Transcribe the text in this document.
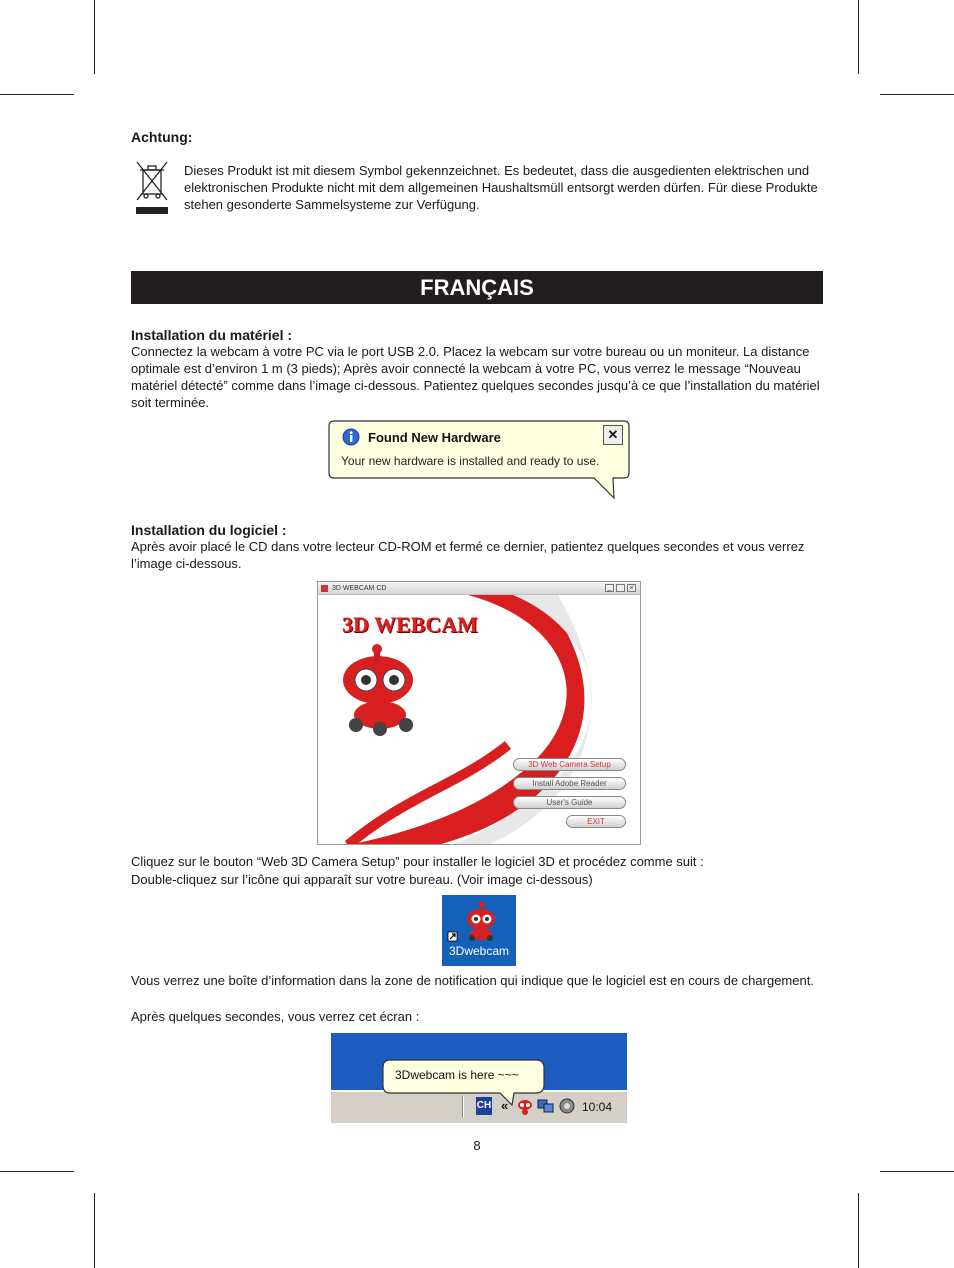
Achtung:
Dieses Produkt ist mit diesem Symbol gekennzeichnet. Es bedeutet, dass die ausgedienten elektrischen und elektronischen Produkte nicht mit dem allgemeinen Haushaltsmüll entsorgt werden dürfen. Für diese Produkte stehen gesonderte Sammelsysteme zur Verfügung.
FRANÇAIS
Installation du matériel :
Connectez la webcam à votre PC via le port USB 2.0. Placez la webcam sur votre bureau ou un moniteur. La distance optimale est d’environ 1 m (3 pieds); Après avoir connecté la webcam à votre PC, vous verrez le message “Nouveau matériel détecté” comme dans l’image ci-dessous. Patientez quelques secondes jusqu’à ce que l’installation du matériel soit terminée.
Found New Hardware	✕
Your new hardware is installed and ready to use.
Installation du logiciel :
Après avoir placé le CD dans votre lecteur CD-ROM et fermé ce dernier, patientez quelques secondes et vous verrez l’image ci-dessous.
3D WEBCAM CD	_	×
3D WEBCAM
3D Web Camera Setup
Install Adobe Reader
User's Guide
EXIT
Cliquez sur le bouton “Web 3D Camera Setup” pour installer le logiciel 3D et procédez comme suit :
Double-cliquez sur l’icône qui apparaît sur votre bureau. (Voir image ci-dessous)
3Dwebcam
Vous verrez une boîte d’information dans la zone de notification qui indique que le logiciel est en cours de chargement.
Après quelques secondes, vous verrez cet écran :
3Dwebcam is here ~~~
CH «	10:04
8
